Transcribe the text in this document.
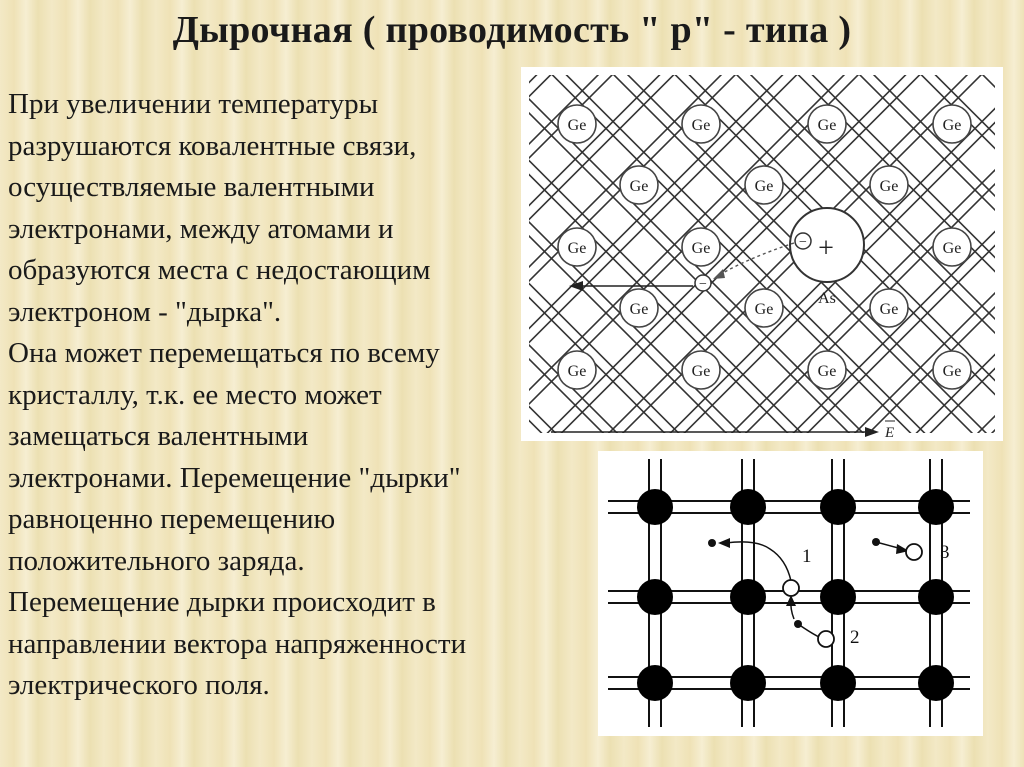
Дырочная ( проводимость " р" - типа )
При увеличении температуры
разрушаются ковалентные связи,
осуществляемые валентными
электронами, между атомами и
образуются места с недостающим
электроном - "дырка".
Она может перемещаться по всему
кристаллу, т.к. ее место может
замещаться валентными
электронами. Перемещение "дырки"
равноценно перемещению
положительного заряда.
Перемещение дырки происходит в
направлении вектора напряженности
электрического поля.
Ge	Ge	Ge	Ge
Ge	Ge	Ge
Ge	Ge	Ge
Ge	Ge	Ge
Ge	Ge	Ge	Ge
− +
As
−
E
1
2
3
